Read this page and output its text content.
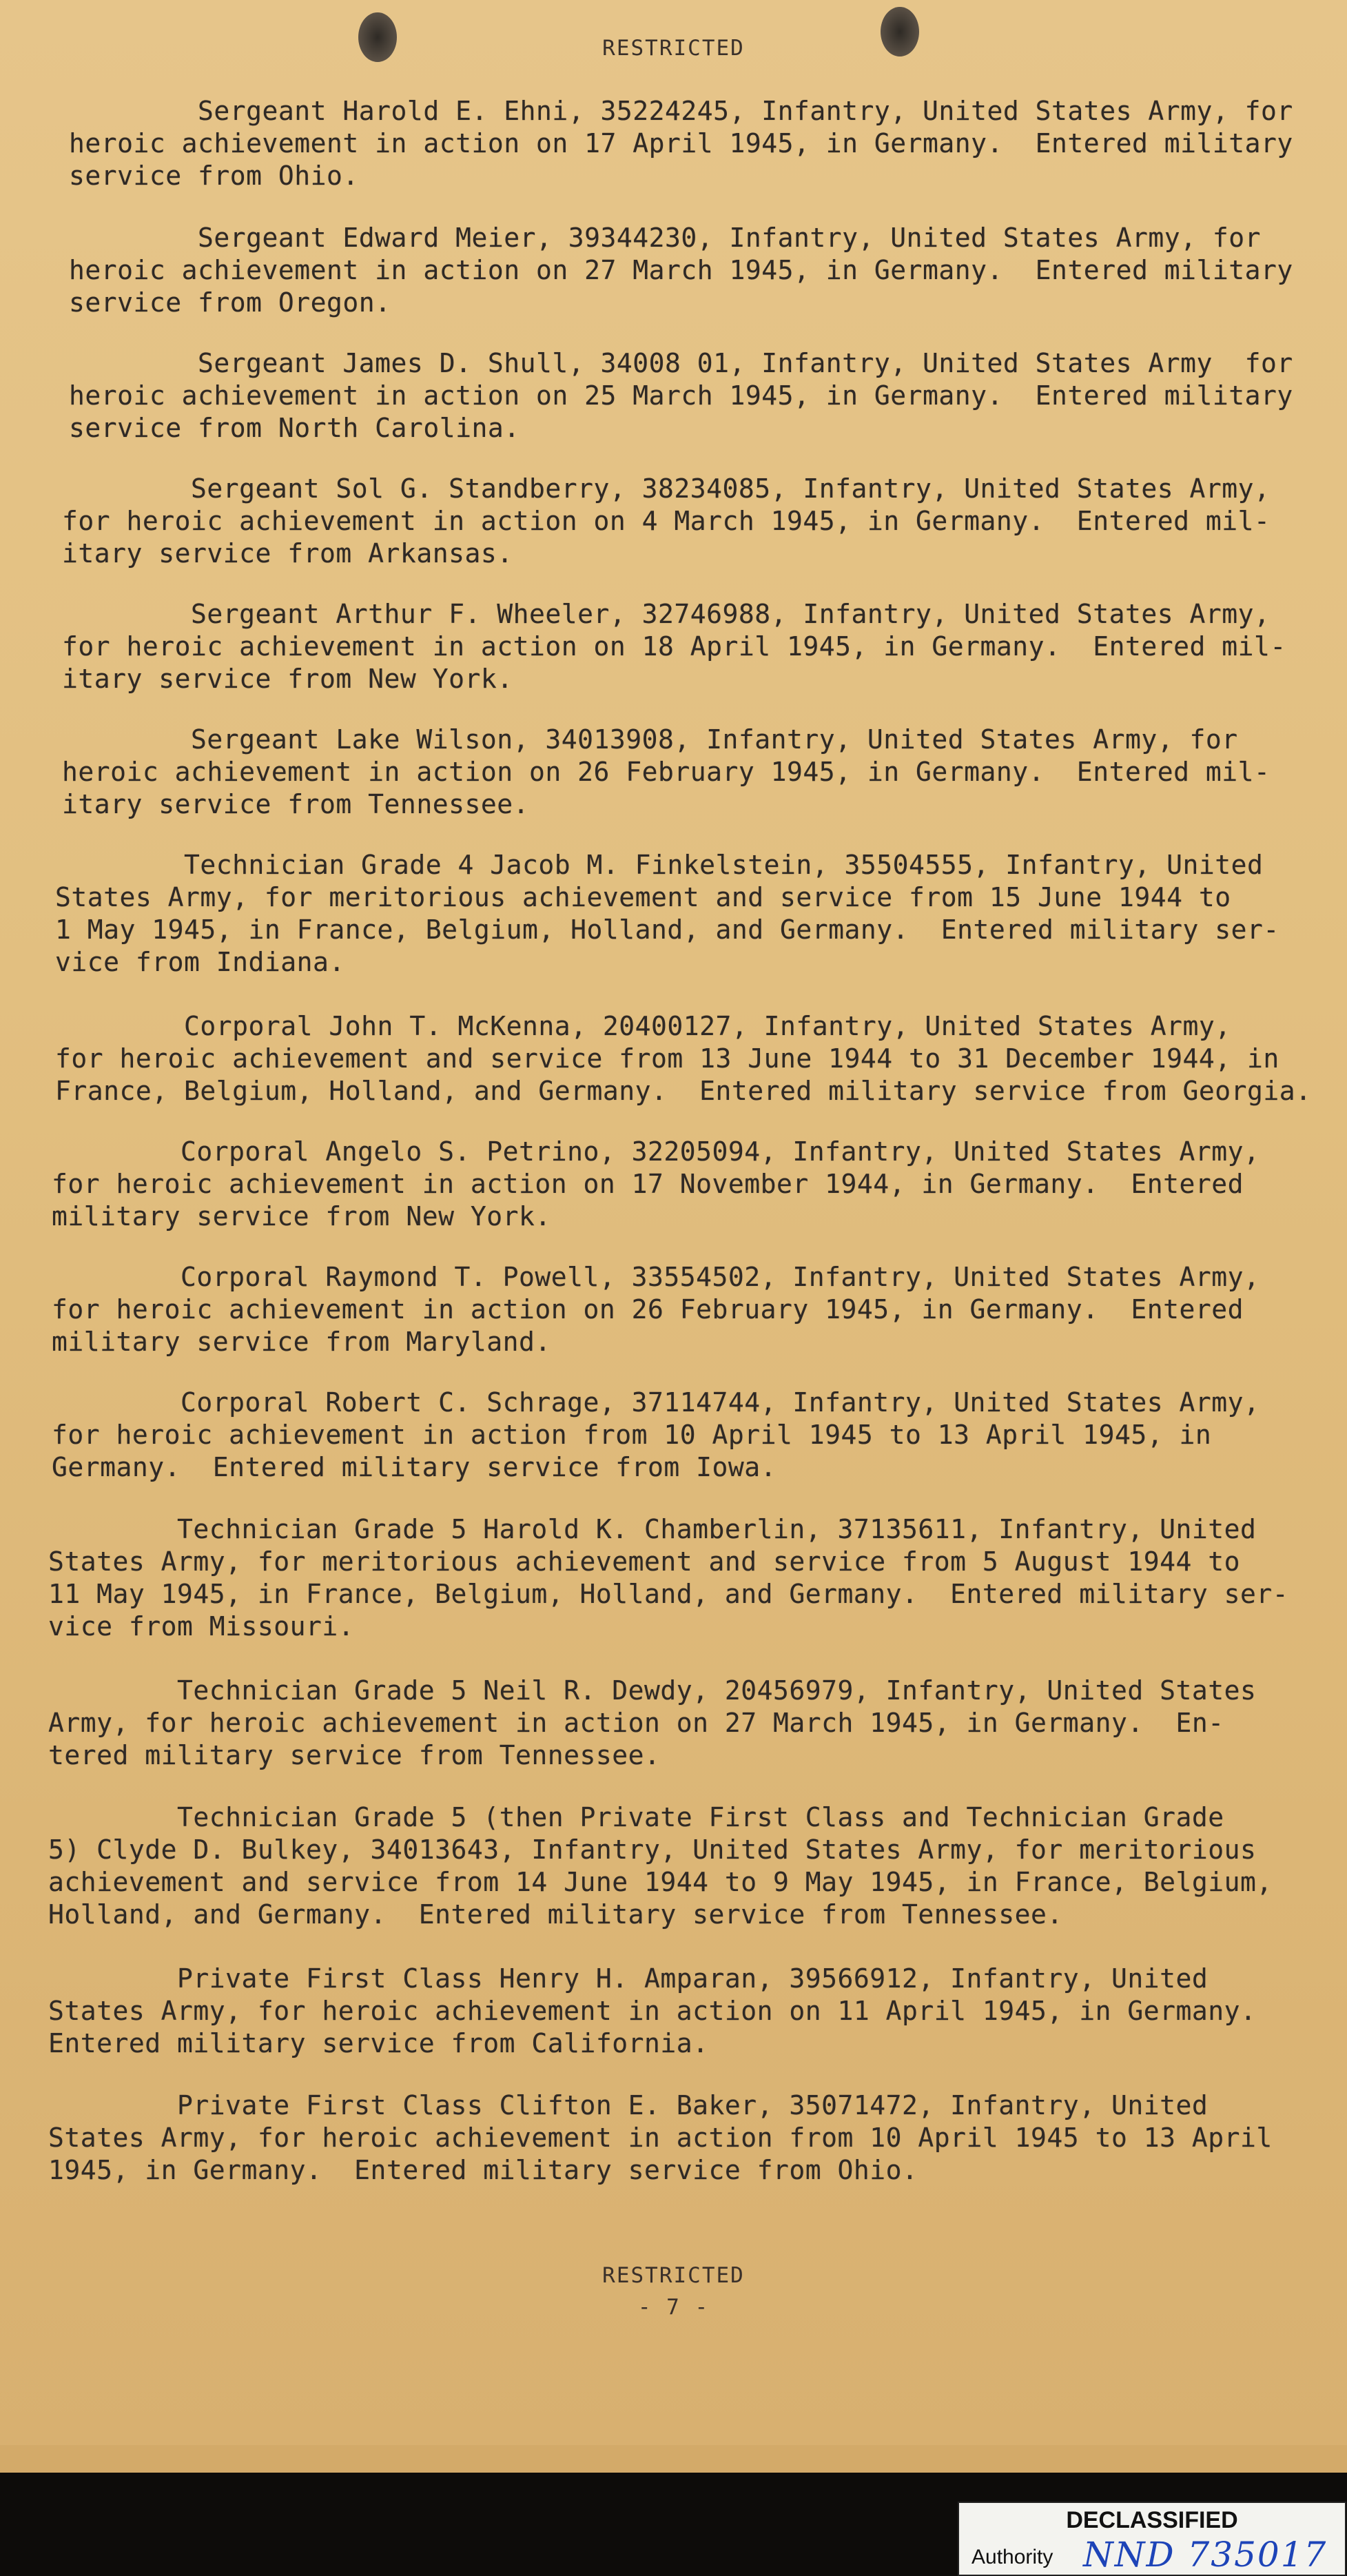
RESTRICTED
Sergeant Harold E. Ehni, 35224245, Infantry, United States Army, for
heroic achievement in action on 17 April 1945, in Germany.  Entered military
service from Ohio.
Sergeant Edward Meier, 39344230, Infantry, United States Army, for
heroic achievement in action on 27 March 1945, in Germany.  Entered military
service from Oregon.
Sergeant James D. Shull, 34008 01, Infantry, United States Army  for
heroic achievement in action on 25 March 1945, in Germany.  Entered military
service from North Carolina.
Sergeant Sol G. Standberry, 38234085, Infantry, United States Army,
for heroic achievement in action on 4 March 1945, in Germany.  Entered mil-
itary service from Arkansas.
Sergeant Arthur F. Wheeler, 32746988, Infantry, United States Army,
for heroic achievement in action on 18 April 1945, in Germany.  Entered mil-
itary service from New York.
Sergeant Lake Wilson, 34013908, Infantry, United States Army, for
heroic achievement in action on 26 February 1945, in Germany.  Entered mil-
itary service from Tennessee.
Technician Grade 4 Jacob M. Finkelstein, 35504555, Infantry, United
States Army, for meritorious achievement and service from 15 June 1944 to
1 May 1945, in France, Belgium, Holland, and Germany.  Entered military ser-
vice from Indiana.
Corporal John T. McKenna, 20400127, Infantry, United States Army,
for heroic achievement and service from 13 June 1944 to 31 December 1944, in
France, Belgium, Holland, and Germany.  Entered military service from Georgia.
Corporal Angelo S. Petrino, 32205094, Infantry, United States Army,
for heroic achievement in action on 17 November 1944, in Germany.  Entered
military service from New York.
Corporal Raymond T. Powell, 33554502, Infantry, United States Army,
for heroic achievement in action on 26 February 1945, in Germany.  Entered
military service from Maryland.
Corporal Robert C. Schrage, 37114744, Infantry, United States Army,
for heroic achievement in action from 10 April 1945 to 13 April 1945, in
Germany.  Entered military service from Iowa.
Technician Grade 5 Harold K. Chamberlin, 37135611, Infantry, United
States Army, for meritorious achievement and service from 5 August 1944 to
11 May 1945, in France, Belgium, Holland, and Germany.  Entered military ser-
vice from Missouri.
Technician Grade 5 Neil R. Dewdy, 20456979, Infantry, United States
Army, for heroic achievement in action on 27 March 1945, in Germany.  En-
tered military service from Tennessee.
Technician Grade 5 (then Private First Class and Technician Grade
5) Clyde D. Bulkey, 34013643, Infantry, United States Army, for meritorious
achievement and service from 14 June 1944 to 9 May 1945, in France, Belgium,
Holland, and Germany.  Entered military service from Tennessee.
Private First Class Henry H. Amparan, 39566912, Infantry, United
States Army, for heroic achievement in action on 11 April 1945, in Germany.
Entered military service from California.
Private First Class Clifton E. Baker, 35071472, Infantry, United
States Army, for heroic achievement in action from 10 April 1945 to 13 April
1945, in Germany.  Entered military service from Ohio.
RESTRICTED
- 7 -
DECLASSIFIED
Authority NND 735017
